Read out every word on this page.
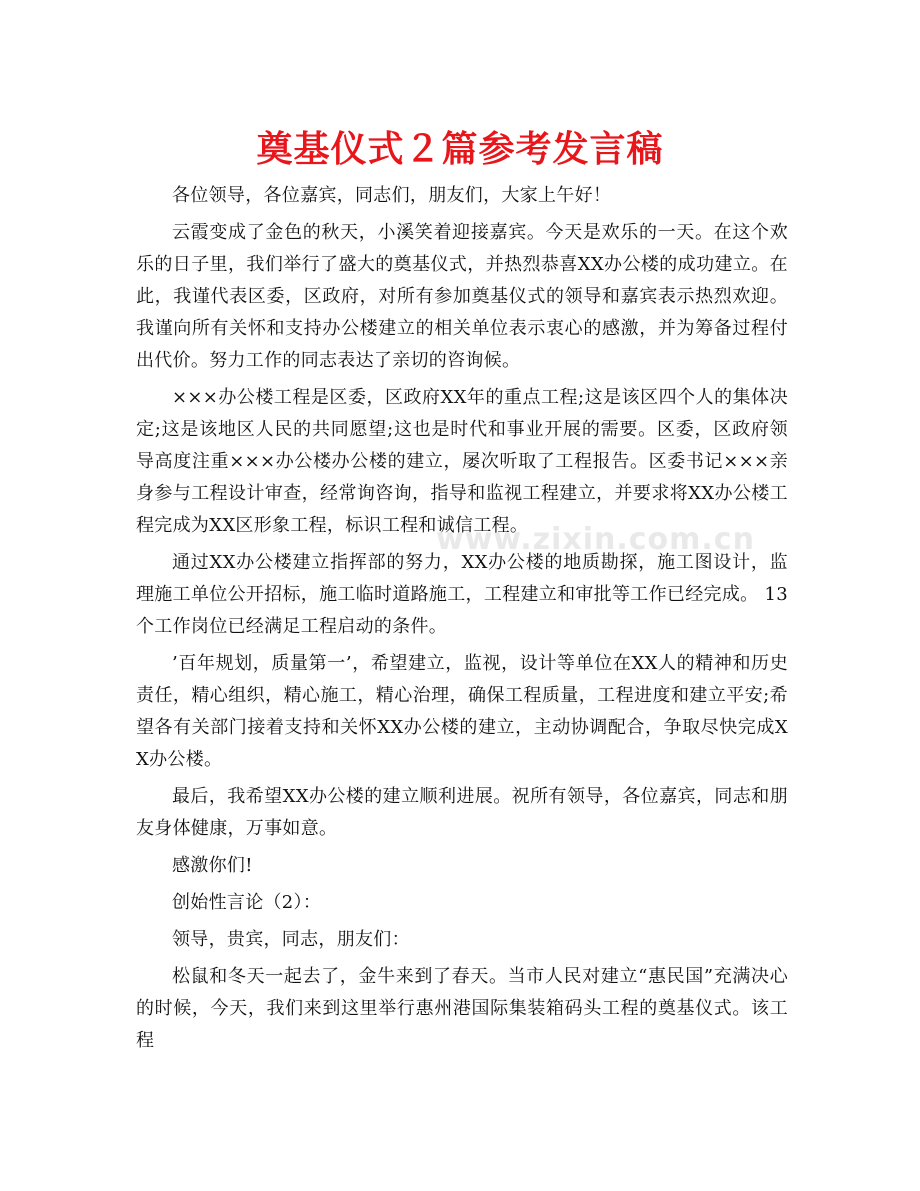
奠基仪式２篇参考发言稿
www.zixin.com.cn

各位领导，各位嘉宾，同志们，朋友们，大家上午好！

云霞变成了金色的秋天，小溪笑着迎接嘉宾。今天是欢乐的一天。在这个欢乐的日子里，我们举行了盛大的奠基仪式，并热烈恭喜XX办公楼的成功建立。在此，我谨代表区委，区政府，对所有参加奠基仪式的领导和嘉宾表示热烈欢迎。我谨向所有关怀和支持办公楼建立的相关单位表示衷心的感激，并为筹备过程付出代价。努力工作的同志表达了亲切的咨询候。

×××办公楼工程是区委，区政府XX年的重点工程;这是该区四个人的集体决定;这是该地区人民的共同愿望;这也是时代和事业开展的需要。区委，区政府领导高度注重×××办公楼办公楼的建立，屡次听取了工程报告。区委书记×××亲身参与工程设计审查，经常询咨询，指导和监视工程建立，并要求将XX办公楼工程完成为XX区形象工程，标识工程和诚信工程。

通过XX办公楼建立指挥部的努力，XX办公楼的地质勘探，施工图设计，监理施工单位公开招标，施工临时道路施工，工程建立和审批等工作已经完成。 13个工作岗位已经满足工程启动的条件。

’百年规划，质量第一’，希望建立，监视，设计等单位在XX人的精神和历史责任，精心组织，精心施工，精心治理，确保工程质量，工程进度和建立平安;希望各有关部门接着支持和关怀XX办公楼的建立，主动协调配合，争取尽快完成XX办公楼。

最后，我希望XX办公楼的建立顺利进展。祝所有领导，各位嘉宾，同志和朋友身体健康，万事如意。

感激你们!

创始性言论（2）：

领导，贵宾，同志，朋友们：

松鼠和冬天一起去了，金牛来到了春天。当市人民对建立“惠民国”充满决心的时候，今天，我们来到这里举行惠州港国际集装箱码头工程的奠基仪式。该工程
